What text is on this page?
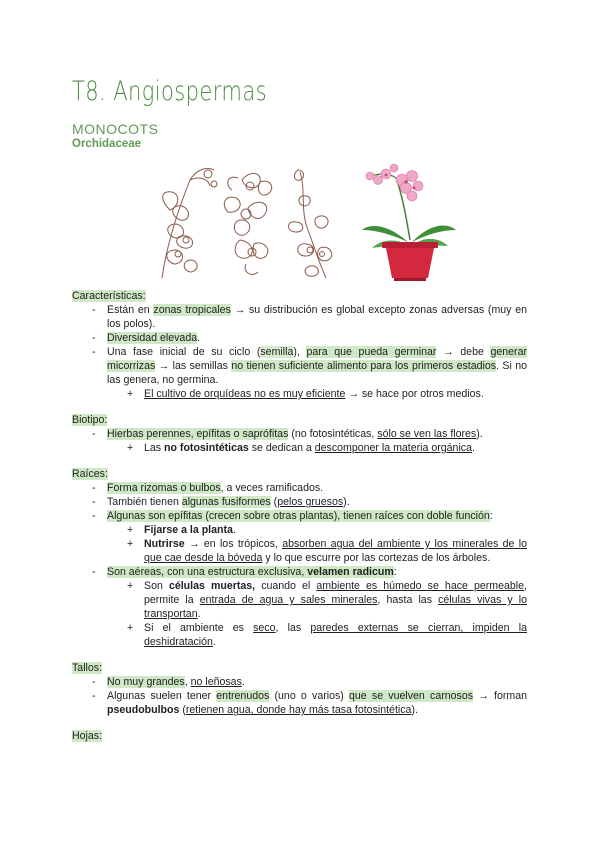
T8. Angiospermas
MONOCOTS
Orchidaceae
Características:
- Están en zonas tropicales → su distribución es global excepto zonas adversas (muy en los polos).
- Diversidad elevada.
- Una fase inicial de su ciclo (semilla), para que pueda germinar → debe generar micorrizas → las semillas no tienen suficiente alimento para los primeros estadios. Si no las genera, no germina.
+ El cultivo de orquídeas no es muy eficiente → se hace por otros medios.
Biotipo:
- Hierbas perennes, epífitas o saprófitas (no fotosintéticas, sólo se ven las flores).
+ Las no fotosintéticas se dedican a descomponer la materia orgánica.
Raíces:
- Forma rizomas o bulbos, a veces ramificados.
- También tienen algunas fusiformes (pelos gruesos).
- Algunas son epífitas (crecen sobre otras plantas), tienen raíces con doble función:
+ Fijarse a la planta.
+ Nutrirse → en los trópicos, absorben agua del ambiente y los minerales de lo que cae desde la bóveda y lo que escurre por las cortezas de los árboles.
- Son aéreas, con una estructura exclusiva, velamen radicum:
+ Son células muertas, cuando el ambiente es húmedo se hace permeable, permite la entrada de agua y sales minerales, hasta las células vivas y lo transportan.
+ Si el ambiente es seco, las paredes externas se cierran, impiden la deshidratación.
Tallos:
- No muy grandes, no leñosas.
- Algunas suelen tener entrenudos (uno o varios) que se vuelven carnosos → forman pseudobulbos (retienen agua, donde hay más tasa fotosintética).
Hojas:
